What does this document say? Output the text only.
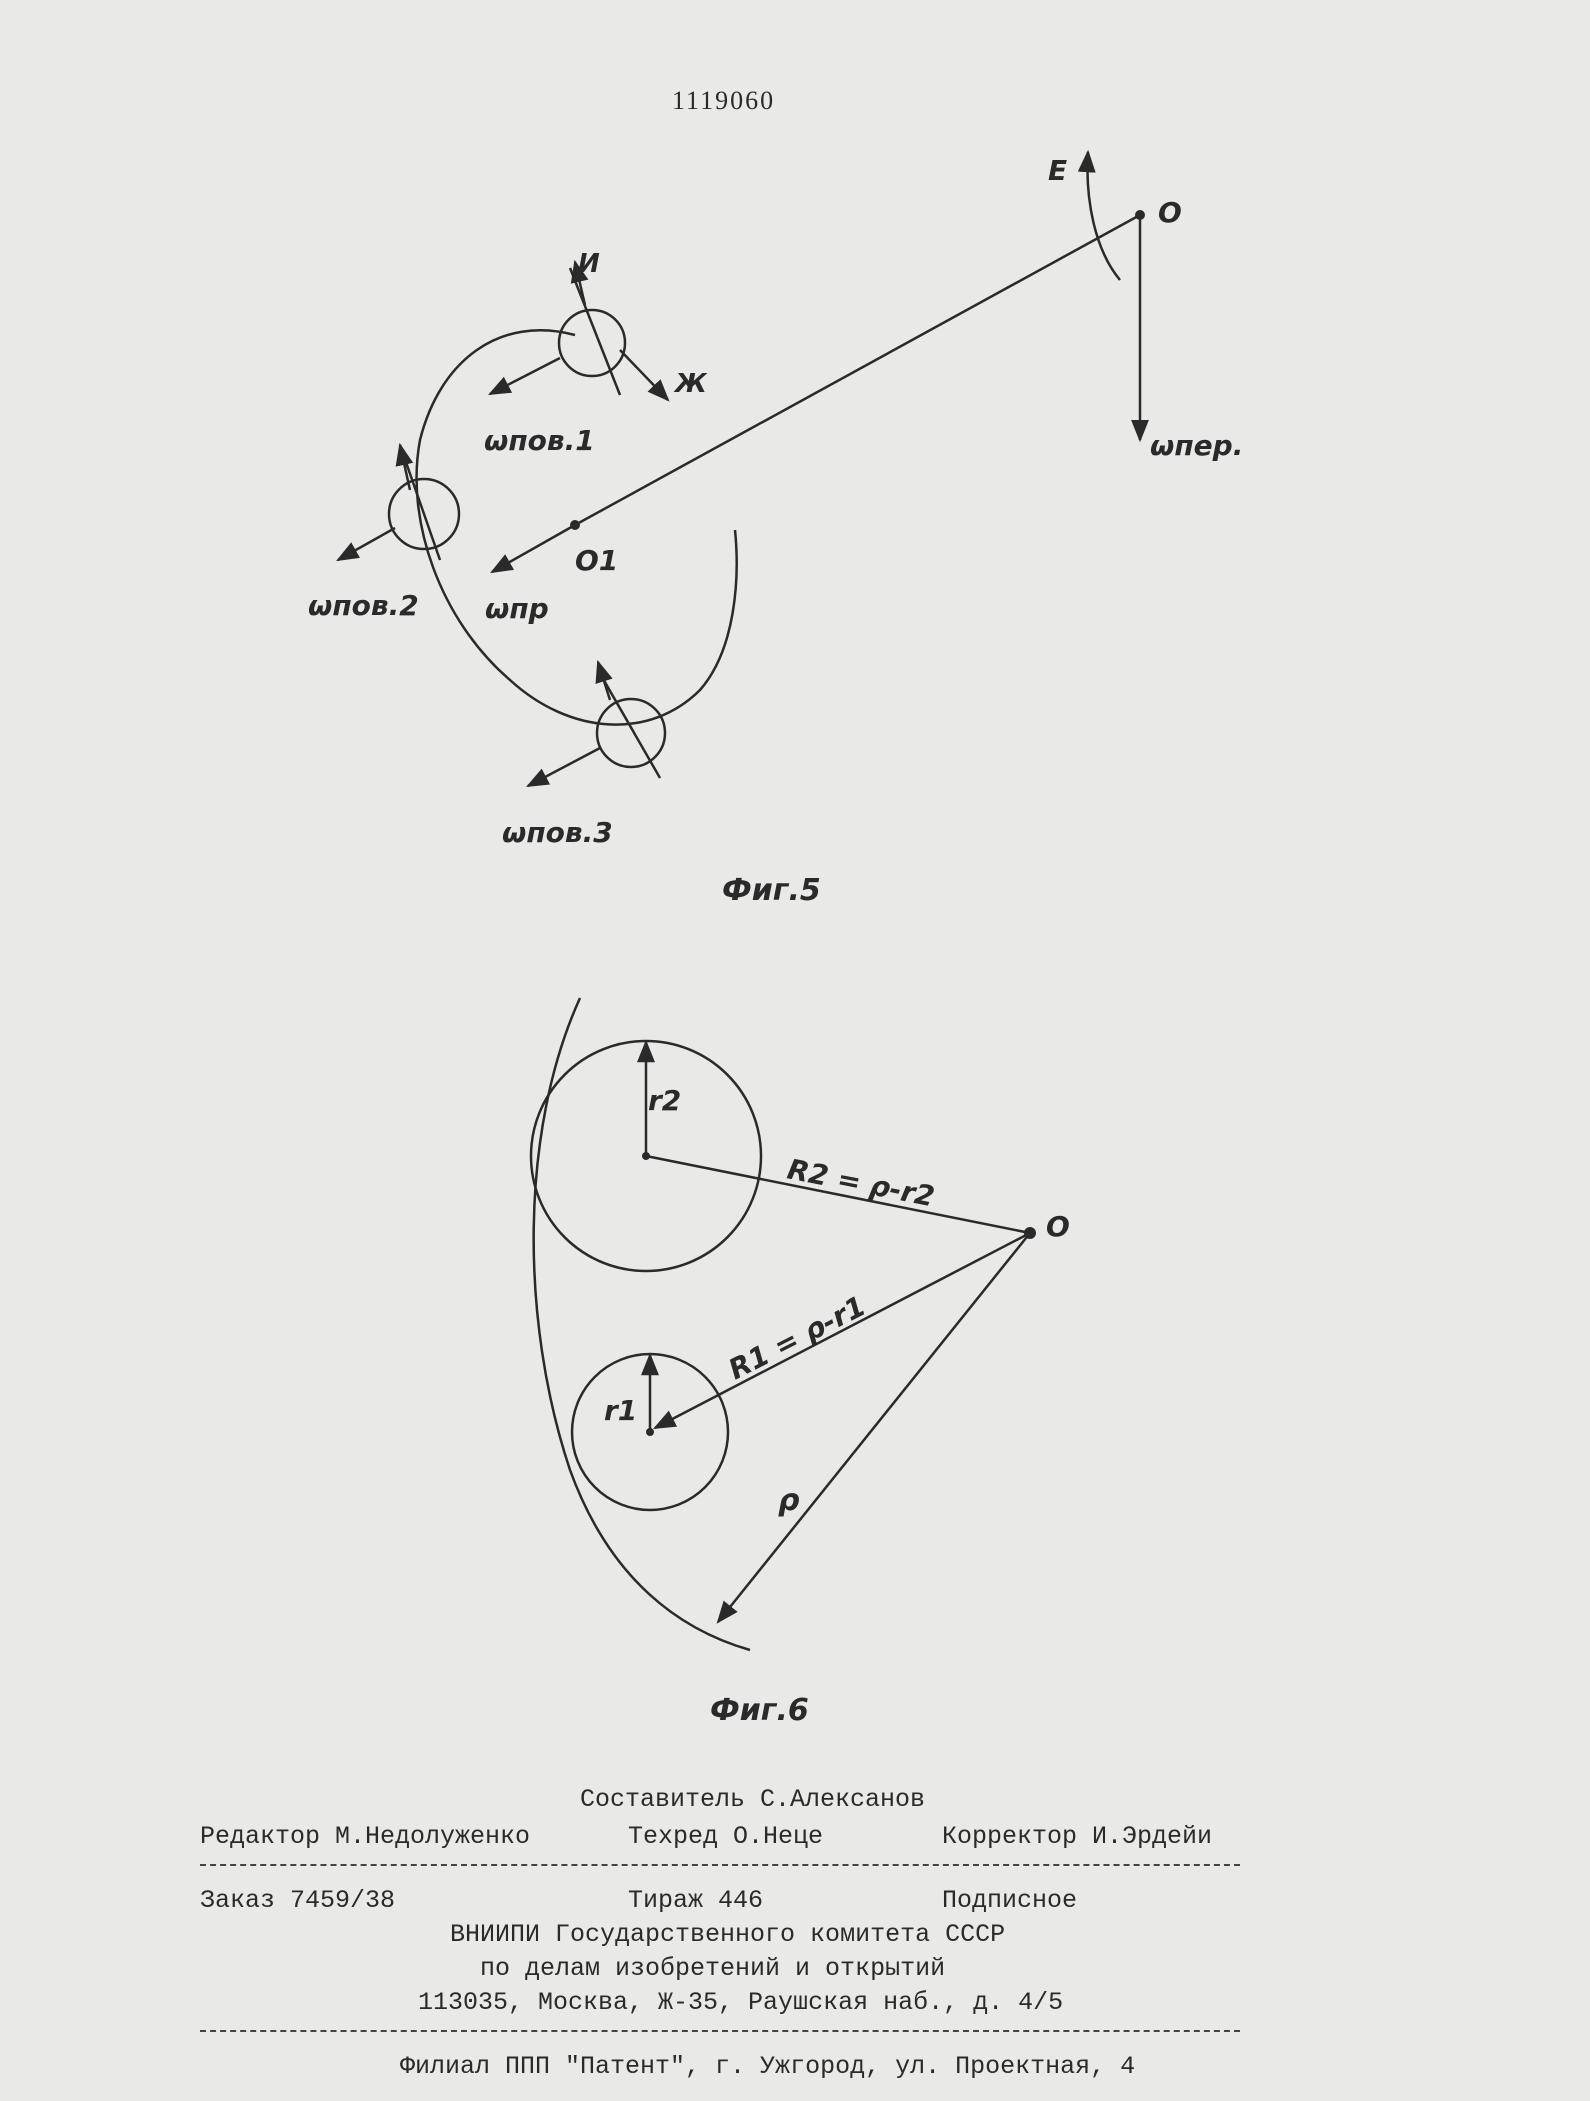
1119060
E
O
ωпер.
И
Ж
ωпов.1
ωпов.2 ωпр
O1
ωпов.3
Фиг.5
r2
R2 = ρ-r2
O
R1 = ρ-r1
r1
ρ
Фиг.6
Составитель С.Алексанов
Редактор М.Недолуженко	Техред О.Неце	Корректор И.Эрдейи
Заказ 7459/38	Тираж 446	Подписное
ВНИИПИ Государственного комитета СССР
по делам изобретений и открытий
113035, Москва, Ж-35, Раушская наб., д. 4/5
Филиал ППП "Патент", г. Ужгород, ул. Проектная, 4
